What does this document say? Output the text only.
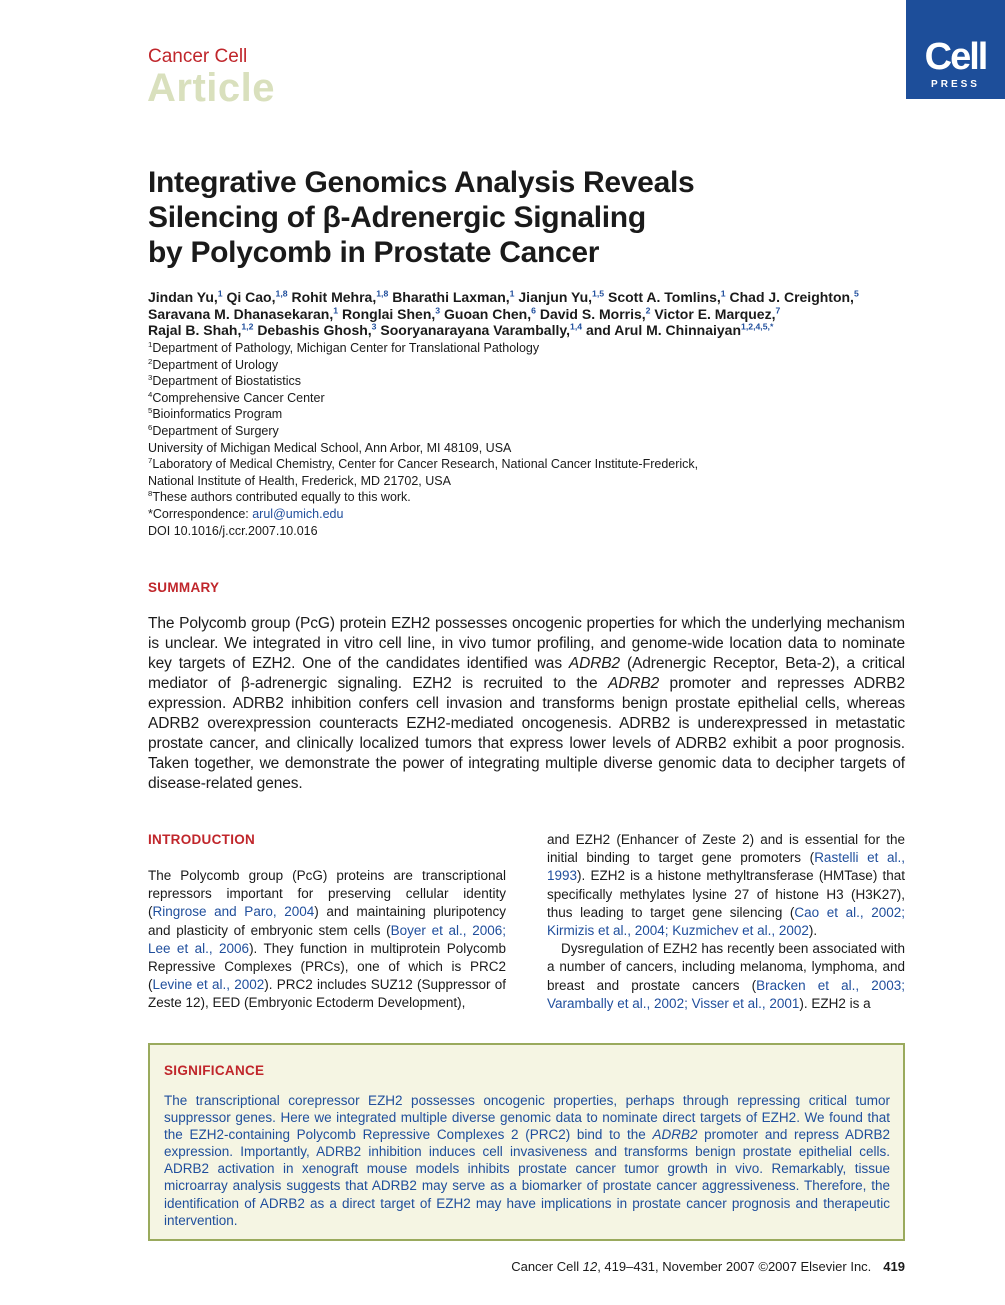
Cancer Cell
Article
Cell
PRESS
Integrative Genomics Analysis Reveals
Silencing of β-Adrenergic Signaling
by Polycomb in Prostate Cancer
Jindan Yu,$^1$ Qi Cao,$^{1,8}$ Rohit Mehra,$^{1,8}$ Bharathi Laxman,$^1$ Jianjun Yu,$^{1,5}$ Scott A. Tomlins,$^1$ Chad J. Creighton,$^5$
Saravana M. Dhanasekaran,$^1$ Ronglai Shen,$^3$ Guoan Chen,$^6$ David S. Morris,$^2$ Victor E. Marquez,$^7$
Rajal B. Shah,$^{1,2}$ Debashis Ghosh,$^3$ Sooryanarayana Varambally,$^{1,4}$ and Arul M. Chinnaiyan$^{1,2,4,5,*}$
$^1$Department of Pathology, Michigan Center for Translational Pathology
$^2$Department of Urology
$^3$Department of Biostatistics
$^4$Comprehensive Cancer Center
$^5$Bioinformatics Program
$^6$Department of Surgery
University of Michigan Medical School, Ann Arbor, MI 48109, USA
$^7$Laboratory of Medical Chemistry, Center for Cancer Research, National Cancer Institute-Frederick,
National Institute of Health, Frederick, MD 21702, USA
$^8$These authors contributed equally to this work.
*Correspondence: arul@umich.edu
DOI 10.1016/j.ccr.2007.10.016
SUMMARY
The Polycomb group (PcG) protein EZH2 possesses oncogenic properties for which the underlying mechanism is unclear. We integrated in vitro cell line, in vivo tumor profiling, and genome-wide location data to nominate key targets of EZH2. One of the candidates identified was ADRB2 (Adrenergic Receptor, Beta-2), a critical mediator of β-adrenergic signaling. EZH2 is recruited to the ADRB2 promoter and represses ADRB2 expression. ADRB2 inhibition confers cell invasion and transforms benign prostate epithelial cells, whereas ADRB2 overexpression counteracts EZH2-mediated oncogenesis. ADRB2 is underexpressed in metastatic prostate cancer, and clinically localized tumors that express lower levels of ADRB2 exhibit a poor prognosis. Taken together, we demonstrate the power of integrating multiple diverse genomic data to decipher targets of disease-related genes.
INTRODUCTION
The Polycomb group (PcG) proteins are transcriptional repressors important for preserving cellular identity (Ringrose and Paro, 2004) and maintaining pluripotency and plasticity of embryonic stem cells (Boyer et al., 2006; Lee et al., 2006). They function in multiprotein Polycomb Repressive Complexes (PRCs), one of which is PRC2 (Levine et al., 2002). PRC2 includes SUZ12 (Suppressor of Zeste 12), EED (Embryonic Ectoderm Development),
and EZH2 (Enhancer of Zeste 2) and is essential for the initial binding to target gene promoters (Rastelli et al., 1993). EZH2 is a histone methyltransferase (HMTase) that specifically methylates lysine 27 of histone H3 (H3K27), thus leading to target gene silencing (Cao et al., 2002; Kirmizis et al., 2004; Kuzmichev et al., 2002).
Dysregulation of EZH2 has recently been associated with a number of cancers, including melanoma, lymphoma, and breast and prostate cancers (Bracken et al., 2003; Varambally et al., 2002; Visser et al., 2001). EZH2 is a
SIGNIFICANCE
The transcriptional corepressor EZH2 possesses oncogenic properties, perhaps through repressing critical tumor suppressor genes. Here we integrated multiple diverse genomic data to nominate direct targets of EZH2. We found that the EZH2-containing Polycomb Repressive Complexes 2 (PRC2) bind to the ADRB2 promoter and repress ADRB2 expression. Importantly, ADRB2 inhibition induces cell invasiveness and transforms benign prostate epithelial cells. ADRB2 activation in xenograft mouse models inhibits prostate cancer tumor growth in vivo. Remarkably, tissue microarray analysis suggests that ADRB2 may serve as a biomarker of prostate cancer aggressiveness. Therefore, the identification of ADRB2 as a direct target of EZH2 may have implications in prostate cancer prognosis and therapeutic intervention.
Cancer Cell 12, 419–431, November 2007 ©2007 Elsevier Inc. 419
